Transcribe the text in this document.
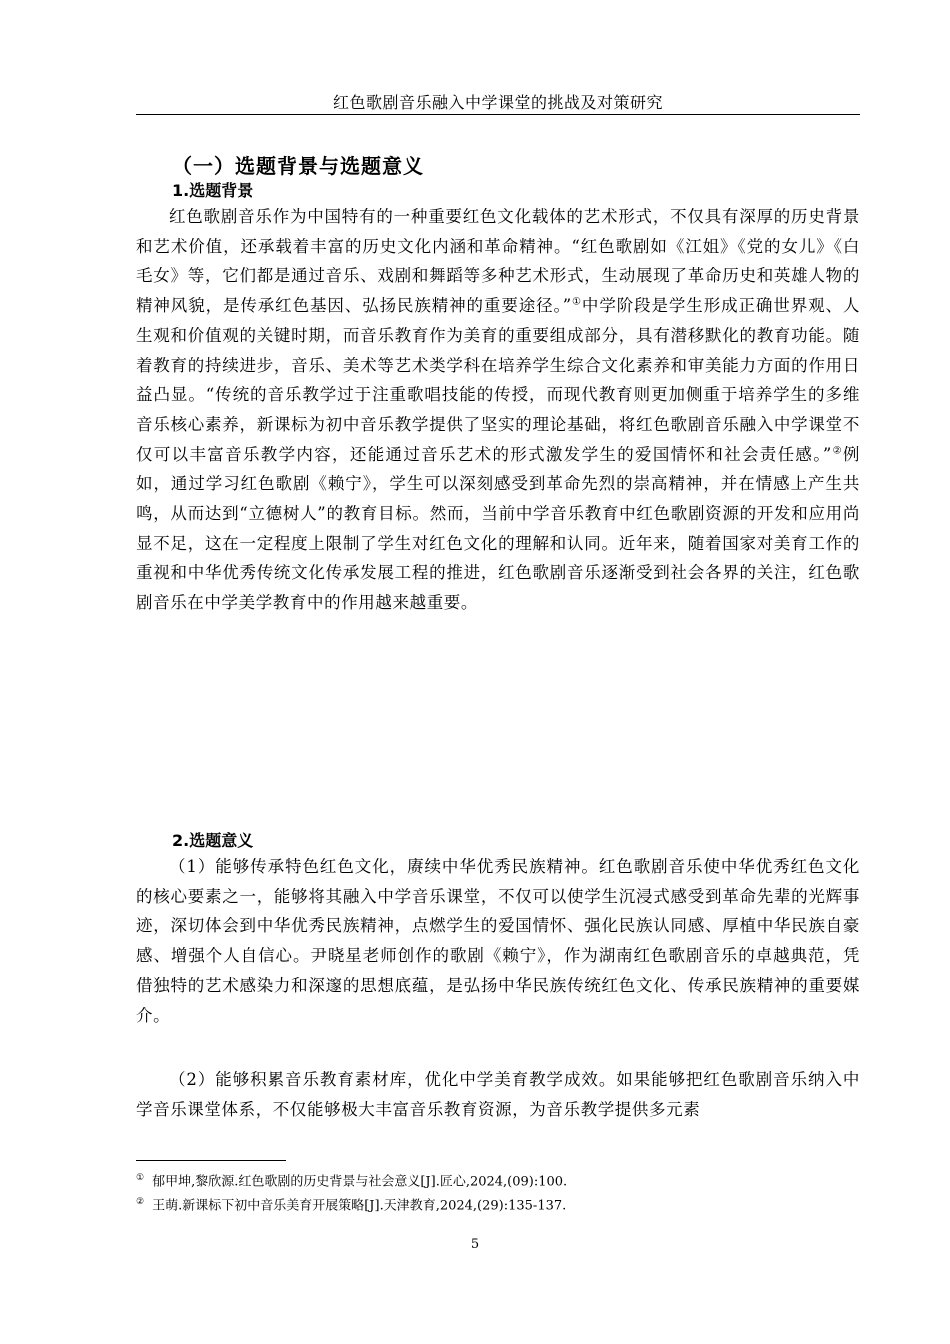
红色歌剧音乐融入中学课堂的挑战及对策研究
（一）选题背景与选题意义
1.选题背景
红色歌剧音乐作为中国特有的一种重要红色文化载体的艺术形式，不仅具有深厚的历史背景和艺术价值，还承载着丰富的历史文化内涵和革命精神。“红色歌剧如《江姐》《党的女儿》《白毛女》等，它们都是通过音乐、戏剧和舞蹈等多种艺术形式，生动展现了革命历史和英雄人物的精神风貌，是传承红色基因、弘扬民族精神的重要途径。”①中学阶段是学生形成正确世界观、人生观和价值观的关键时期，而音乐教育作为美育的重要组成部分，具有潜移默化的教育功能。随着教育的持续进步，音乐、美术等艺术类学科在培养学生综合文化素养和审美能力方面的作用日益凸显。“传统的音乐教学过于注重歌唱技能的传授，而现代教育则更加侧重于培养学生的多维音乐核心素养，新课标为初中音乐教学提供了坚实的理论基础，将红色歌剧音乐融入中学课堂不仅可以丰富音乐教学内容，还能通过音乐艺术的形式激发学生的爱国情怀和社会责任感。”②例如，通过学习红色歌剧《赖宁》，学生可以深刻感受到革命先烈的崇高精神，并在情感上产生共鸣，从而达到“立德树人”的教育目标。然而，当前中学音乐教育中红色歌剧资源的开发和应用尚显不足，这在一定程度上限制了学生对红色文化的理解和认同。近年来，随着国家对美育工作的重视和中华优秀传统文化传承发展工程的推进，红色歌剧音乐逐渐受到社会各界的关注，红色歌剧音乐在中学美学教育中的作用越来越重要。
2.选题意义
（1）能够传承特色红色文化，赓续中华优秀民族精神。红色歌剧音乐使中华优秀红色文化的核心要素之一，能够将其融入中学音乐课堂，不仅可以使学生沉浸式感受到革命先辈的光辉事迹，深切体会到中华优秀民族精神，点燃学生的爱国情怀、强化民族认同感、厚植中华民族自豪感、增强个人自信心。尹晓星老师创作的歌剧《赖宁》，作为湖南红色歌剧音乐的卓越典范，凭借独特的艺术感染力和深邃的思想底蕴，是弘扬中华民族传统红色文化、传承民族精神的重要媒介。
（2）能够积累音乐教育素材库，优化中学美育教学成效。如果能够把红色歌剧音乐纳入中学音乐课堂体系，不仅能够极大丰富音乐教育资源，为音乐教学提供多元素
① 郁甲坤,黎欣源.红色歌剧的历史背景与社会意义[J].匠心,2024,(09):100.
② 王萌.新课标下初中音乐美育开展策略[J].天津教育,2024,(29):135-137.
5
